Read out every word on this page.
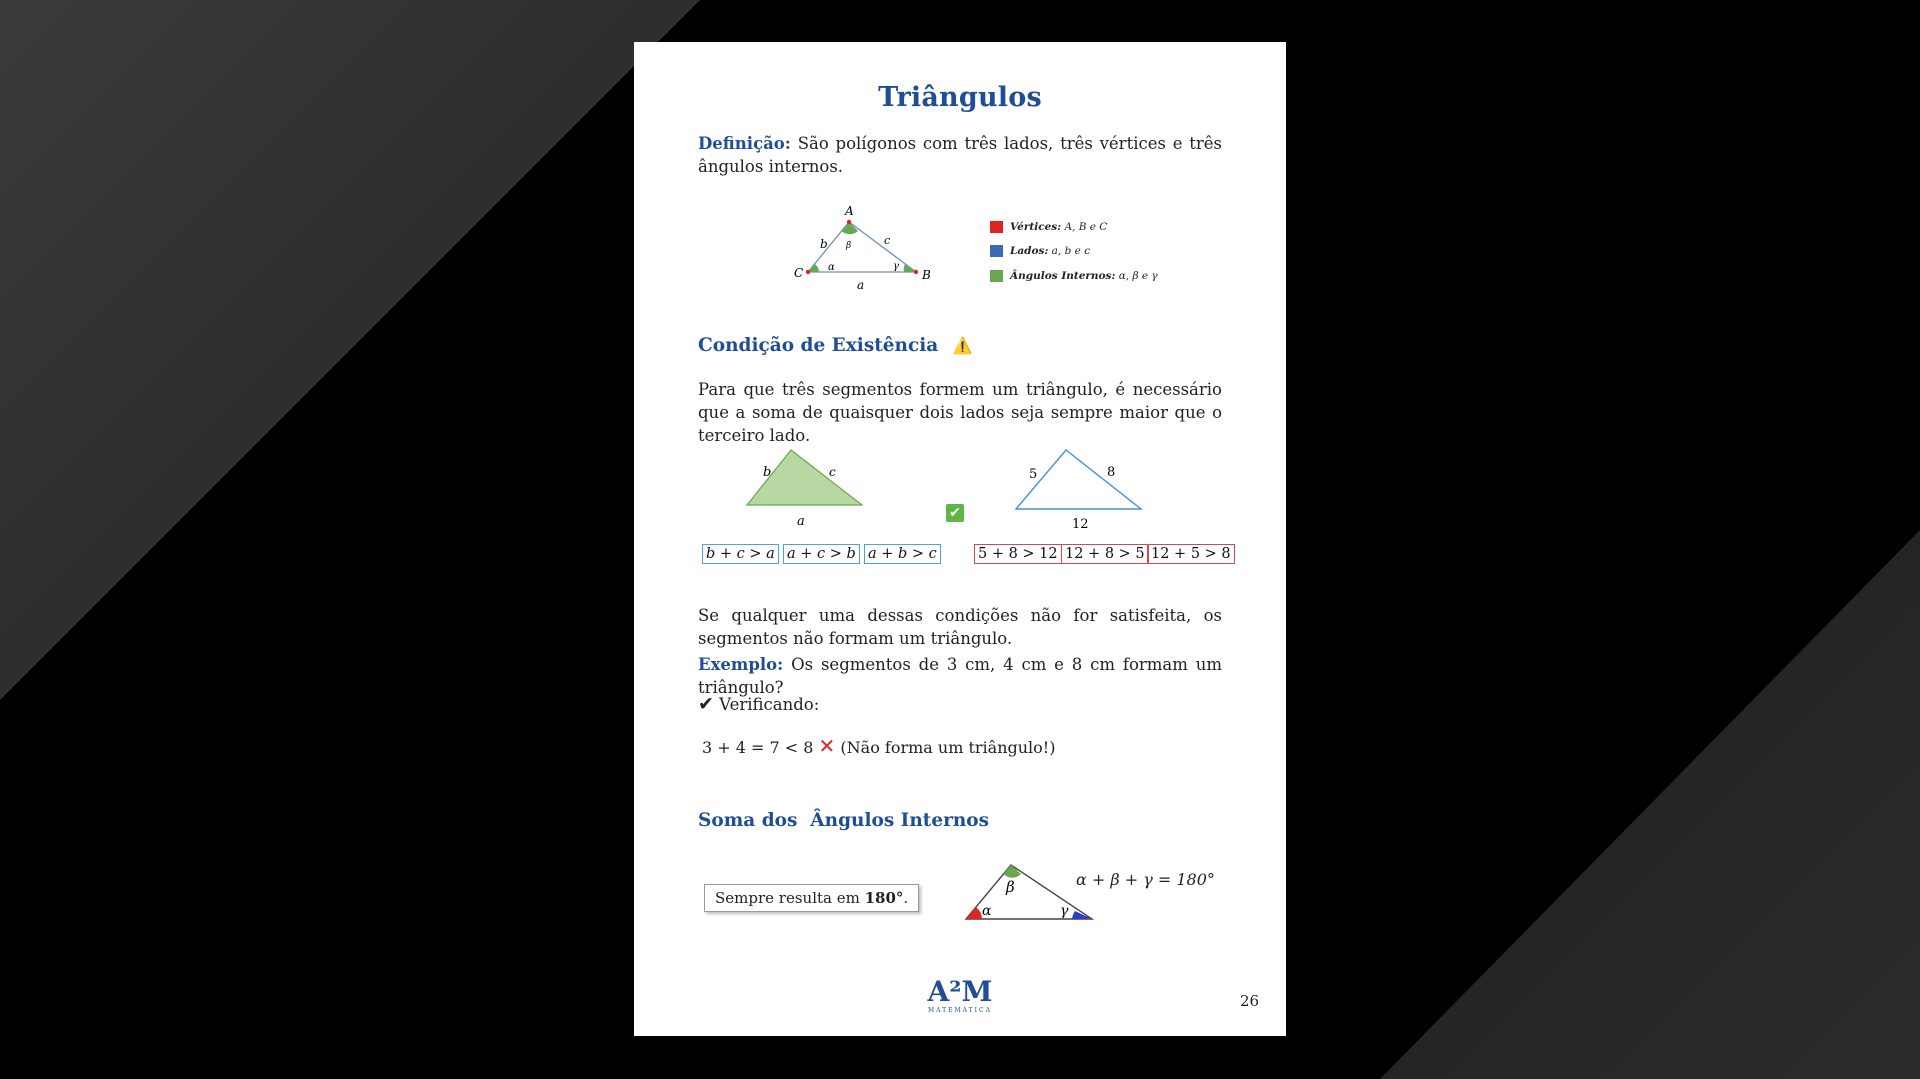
Triângulos
Definição: São polígonos com três lados, três vértices e três ângulos internos.
A
C	B
a
b	c
β
α	γ
Vértices: A, B e C
Lados: a, b e c
Ângulos Internos: α, β e γ
Condição de Existência ⚠️
Para que três segmentos formem um triângulo, é necessário que a soma de quaisquer dois lados seja sempre maior que o terceiro lado.
b	c
a
✔
5	8
12
b + c > a a + c > b a + b > c	5 + 8 > 12 12 + 8 > 5 12 + 5 > 8
Se qualquer uma dessas condições não for satisfeita, os segmentos não formam um triângulo.
Exemplo: Os segmentos de 3 cm, 4 cm e 8 cm formam um triângulo?
✔ Verificando:
3 + 4 = 7 < 8 ✕ (Não forma um triângulo!)
Soma dos  Ângulos Internos
Sempre resulta em 180°.
β
α	γ
α + β + γ = 180°
A²M
MATEMÁTICA
26
